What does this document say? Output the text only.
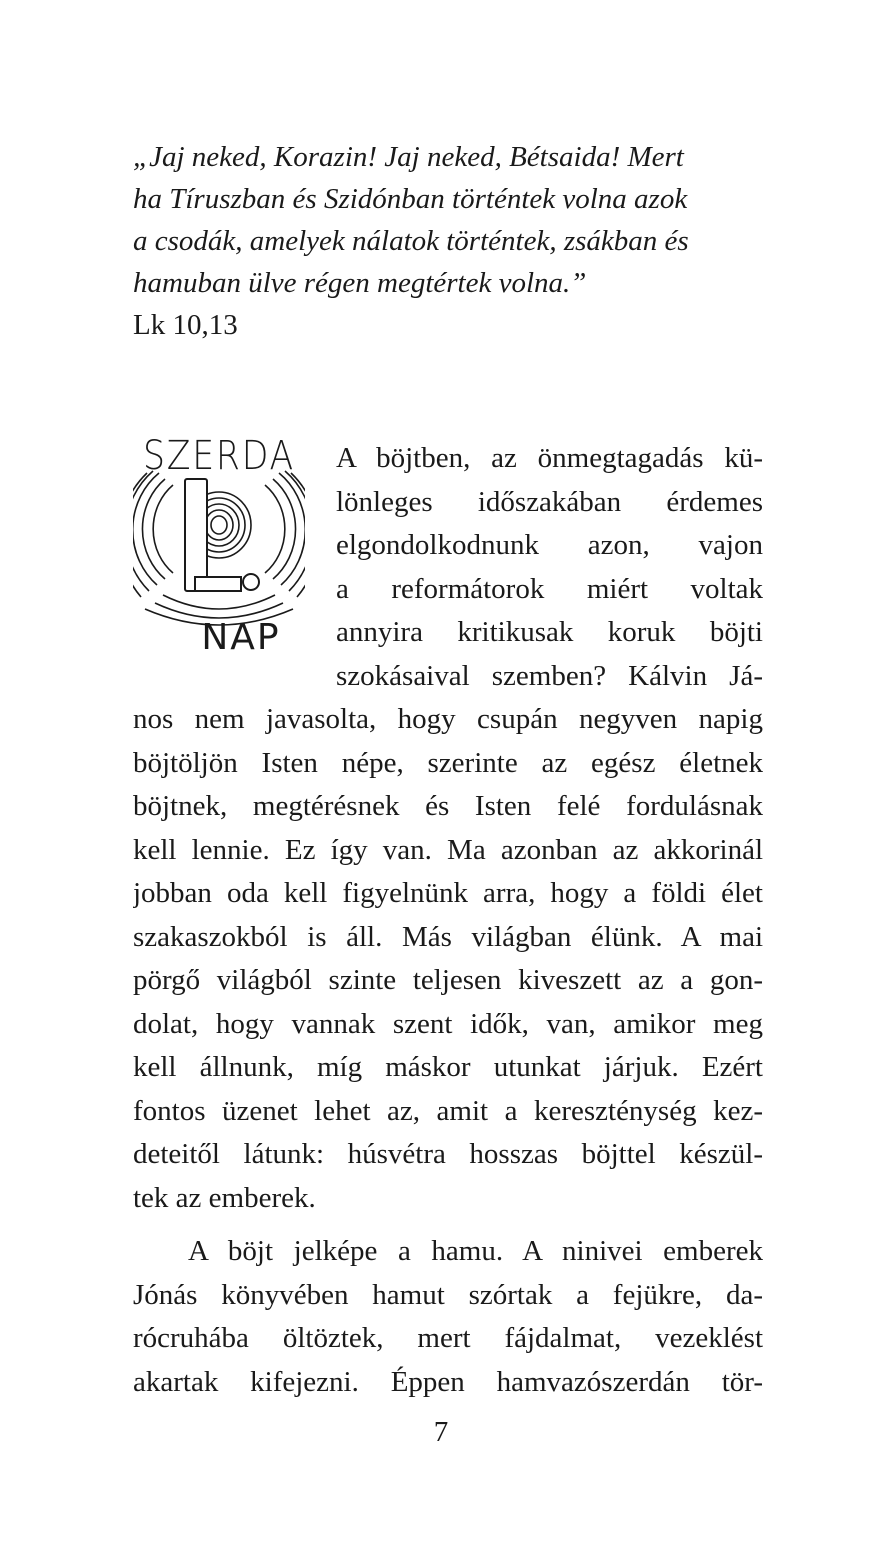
„Jaj neked, Korazin! Jaj neked, Bétsaida! Mert
ha Tíruszban és Szidónban történtek volna azok
a csodák, amelyek nálatok történtek, zsákban és
hamuban ülve régen megtértek volna.”
Lk 10,13
SZERDA
NAP
A böjtben, az önmegtagadás kü-
lönleges időszakában érdemes
elgondolkodnunk azon, vajon
a reformátorok miért voltak
annyira kritikusak koruk böjti
szokásaival szemben? Kálvin Já-
nos nem javasolta, hogy csupán negyven napig
böjtöljön Isten népe, szerinte az egész életnek
böjtnek, megtérésnek és Isten felé fordulásnak
kell lennie. Ez így van. Ma azonban az akkorinál
jobban oda kell figyelnünk arra, hogy a földi élet
szakaszokból is áll. Más világban élünk. A mai
pörgő világból szinte teljesen kiveszett az a gon-
dolat, hogy vannak szent idők, van, amikor meg
kell állnunk, míg máskor utunkat járjuk. Ezért
fontos üzenet lehet az, amit a kereszténység kez-
deteitől látunk: húsvétra hosszas böjttel készül-
tek az emberek.
A böjt jelképe a hamu. A ninivei emberek
Jónás könyvében hamut szórtak a fejükre, da-
rócruhába öltöztek, mert fájdalmat, vezeklést
akartak kifejezni. Éppen hamvazószerdán tör-
7
